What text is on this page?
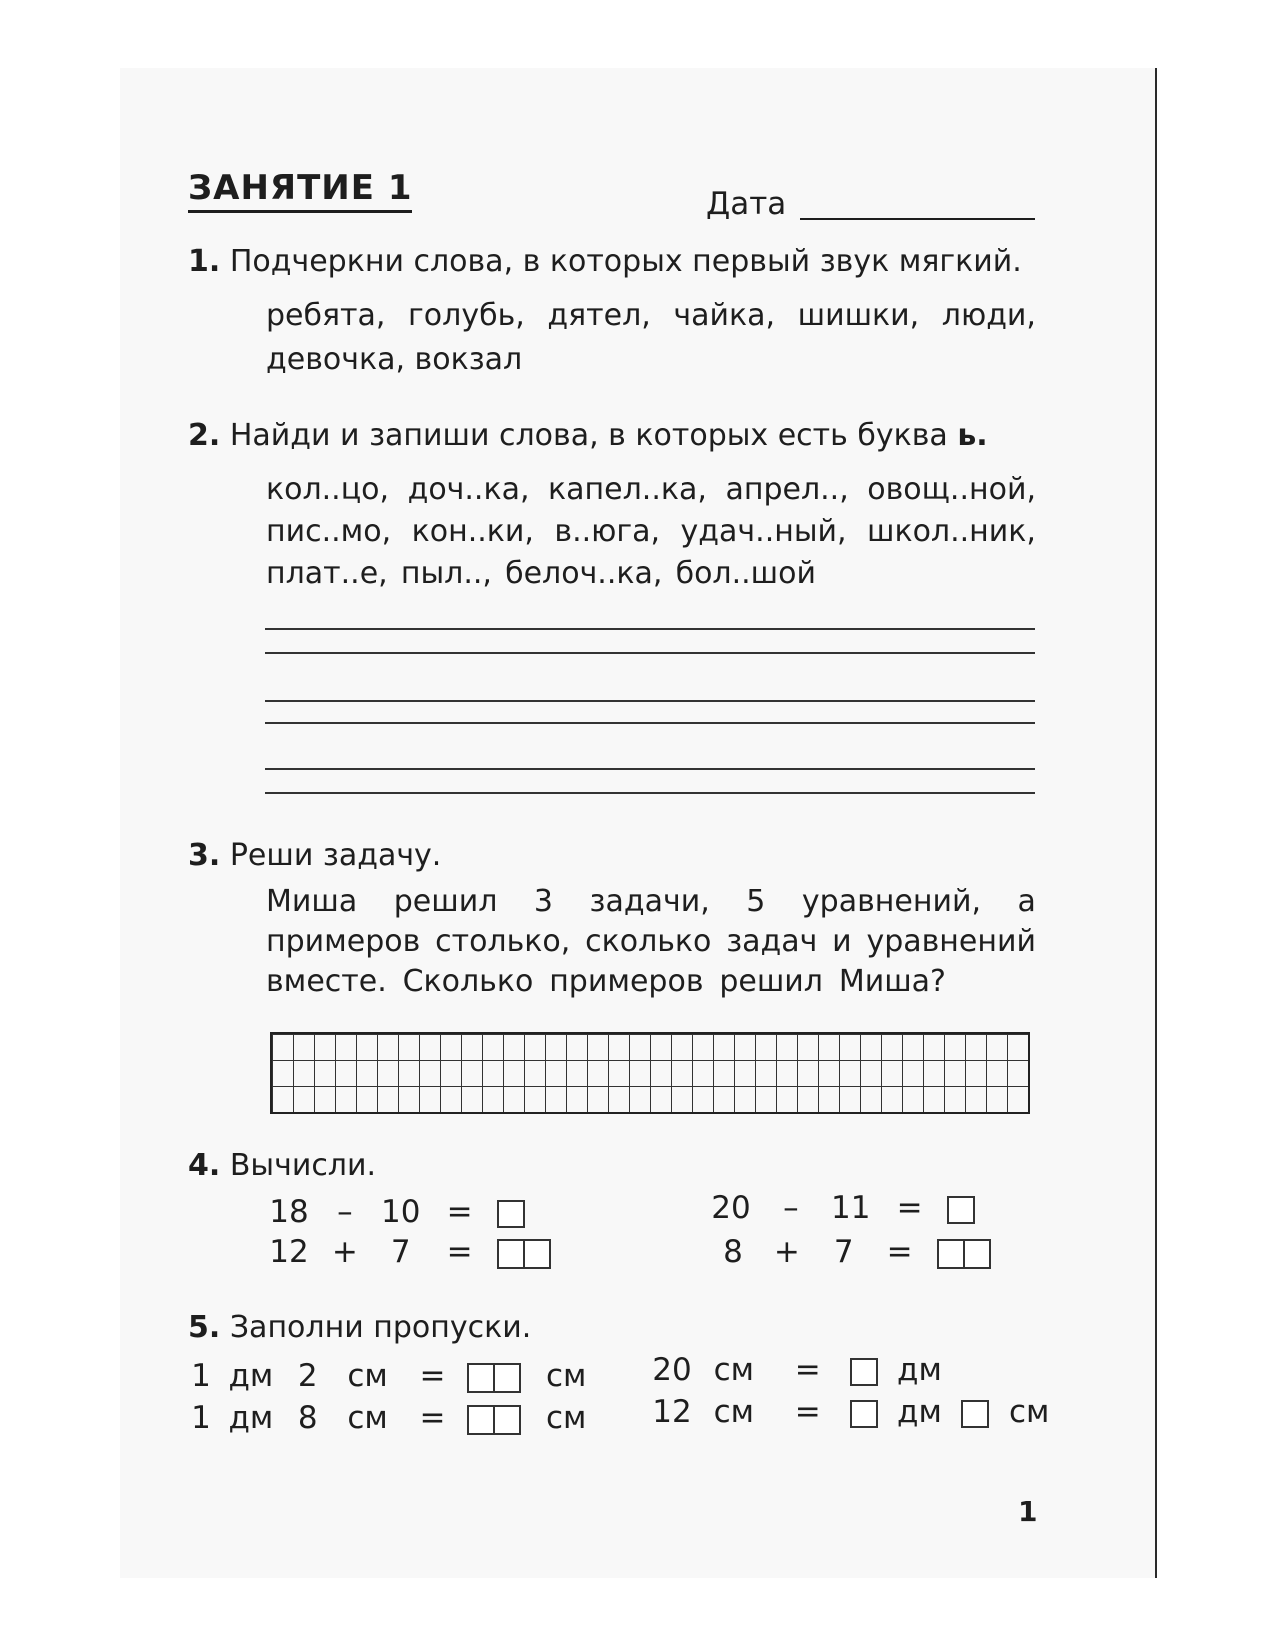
ЗАНЯТИЕ 1	Дата
1. Подчеркни слова, в которых первый звук мягкий.
ребята, голубь, дятел, чайка, шишки, люди,
девочка, вокзал
2. Найди и запиши слова, в которых есть буква ь.
кол..цо, доч..ка, капел..ка, апрел.., овощ..ной,
пис..мо, кон..ки, в..юга, удач..ный, школ..ник,
плат..е, пыл.., белоч..ка, бол..шой
3. Реши задачу.
Миша решил 3 задачи, 5 уравнений, а
примеров столько, сколько задач и уравнений
вместе. Сколько примеров решил Миша?
4. Вычисли.
18 – 10 =
12 + 7 =
20 – 11 =
8 + 7 =
5. Заполни пропуски.
1 дм 2 см =	см
1 дм 8 см =	см
20 см = дм
12 см = дм см
1
